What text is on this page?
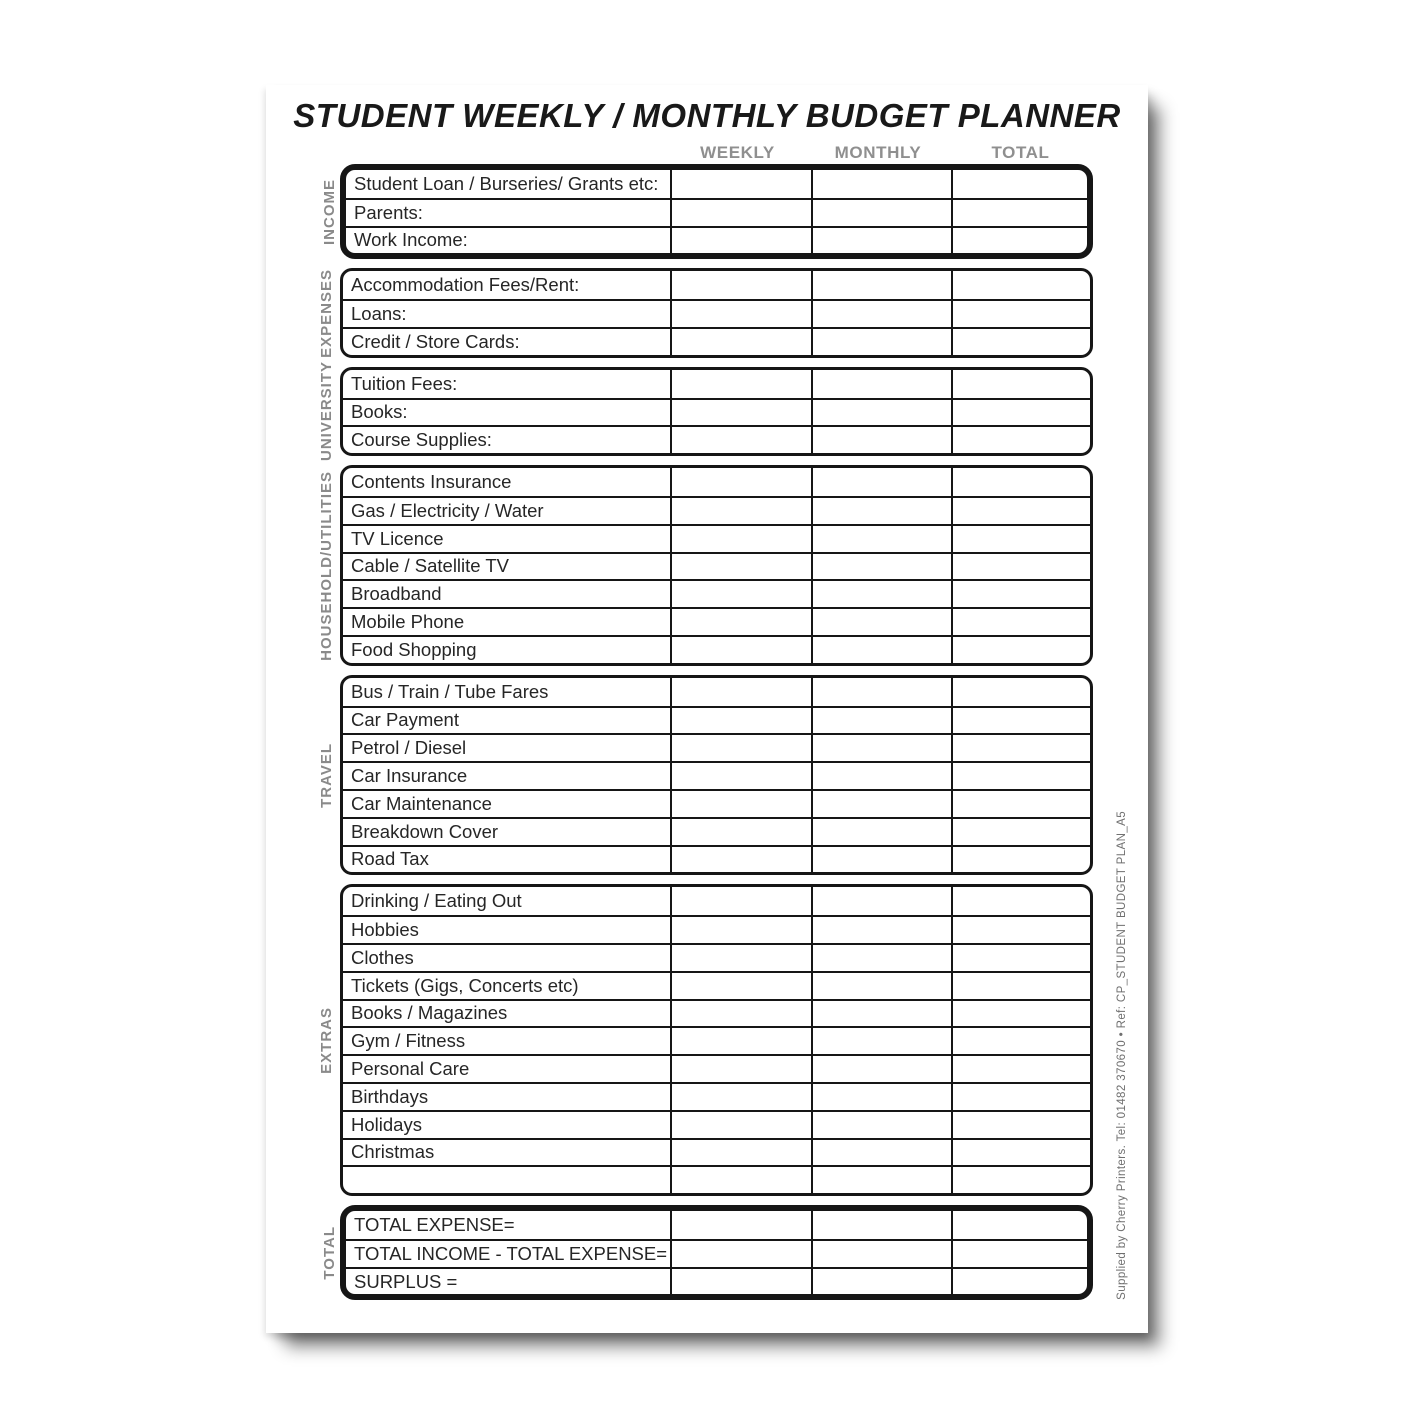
STUDENT WEEKLY / MONTHLY BUDGET PLANNER
WEEKLY	MONTHLY	TOTAL
INCOME Student Loan / Burseries/ Grants etc:
Parents:
Work Income:
EXPENSES Accommodation Fees/Rent:
Loans:
Credit / Store Cards:
UNIVERSITY Tuition Fees:
Books:
Course Supplies:
HOUSEHOLD/UTILITIES Contents Insurance
Gas / Electricity / Water
TV Licence
Cable / Satellite TV
Broadband
Mobile Phone
Food Shopping
TRAVEL
Bus / Train / Tube Fares
Car Payment
Petrol / Diesel
Car Insurance
Car Maintenance
Breakdown Cover
Road Tax
EXTRAS
Drinking / Eating Out
Hobbies
Clothes
Tickets (Gigs, Concerts etc)
Books / Magazines
Gym / Fitness
Personal Care
Birthdays
Holidays
Christmas
TOTAL
TOTAL EXPENSE=
TOTAL INCOME - TOTAL EXPENSE=
SURPLUS =	Supplied by Cherry Printers. Tel: 01482 370670 • Ref: CP_STUDENT BUDGET PLAN_A5
